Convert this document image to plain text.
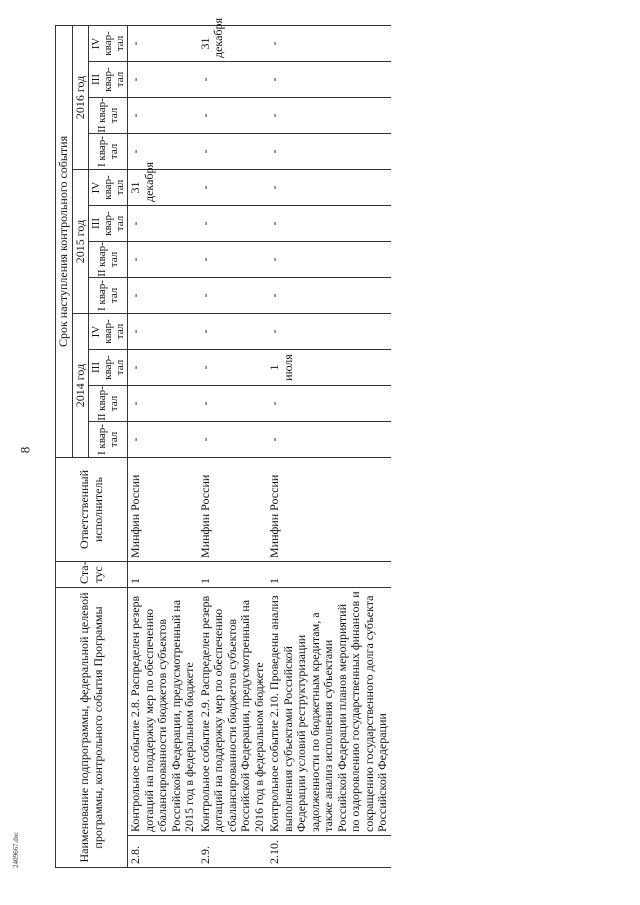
8
Наименование подпрограммы, федеральной целевой программы, контрольного события Программы		Ста-тус	Ответственный исполнитель	Срок наступления контрольного события											
				2014 год				2015 год				2016 год			
				I квар-тал	II квар-тал	III квар-тал	IV квар-тал	I квар-тал	II квар-тал	III квар-тал	IV квар-тал	I квар-тал	II квар-тал	III квар-тал	IV квар-тал
2.8.	Контрольное событие 2.8. Распределен резерв дотаций на поддержку мер по обеспечению сбалансированности бюджетов субъектов Российской Федерации, предусмотренный на 2015 год в федеральном бюджете	1	Минфин России	-	-	-	-	-	-	-	31 декабря	-	-	-	-
2.9.	Контрольное событие 2.9. Распределен резерв дотаций на поддержку мер по обеспечению сбалансированности бюджетов субъектов Российской Федерации, предусмотренный на 2016 год в федеральном бюджете	1	Минфин России	-	-	-	-	-	-	-	-	-	-	-	31 декабря
2.10.	Контрольное событие 2.10. Проведены анализ выполнения субъектами Российской Федерации условий реструктуризации задолженности по бюджетным кредитам, а также анализ исполнения субъектами Российской Федерации планов мероприятий по оздоровлению государственных финансов и сокращению государственного долга субъекта Российской Федерации	1	Минфин России	-	-	1 июля	-	-	-	-	-	-	-	-	-
2409667.doc
